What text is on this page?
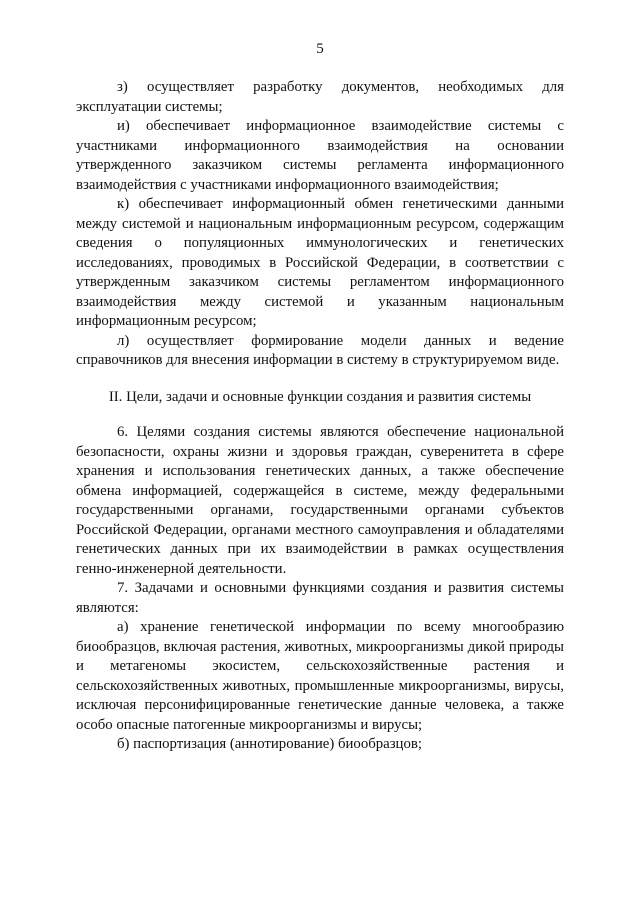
5

з) осуществляет разработку документов, необходимых для эксплуатации системы;

и) обеспечивает информационное взаимодействие системы с участниками информационного взаимодействия на основании утвержденного заказчиком системы регламента информационного взаимодействия с участниками информационного взаимодействия;

к) обеспечивает информационный обмен генетическими данными между системой и национальным информационным ресурсом, содержащим сведения о популяционных иммунологических и генетических исследованиях, проводимых в Российской Федерации, в соответствии с утвержденным заказчиком системы регламентом информационного взаимодействия между системой и указанным национальным информационным ресурсом;

л) осуществляет формирование модели данных и ведение справочников для внесения информации в систему в структурируемом виде.

II. Цели, задачи и основные функции создания и развития системы

6. Целями создания системы являются обеспечение национальной безопасности, охраны жизни и здоровья граждан, суверенитета в сфере хранения и использования генетических данных, а также обеспечение обмена информацией, содержащейся в системе, между федеральными государственными органами, государственными органами субъектов Российской Федерации, органами местного самоуправления и обладателями генетических данных при их взаимодействии в рамках осуществления генно-инженерной деятельности.

7. Задачами и основными функциями создания и развития системы являются:

а) хранение генетической информации по всему многообразию биообразцов, включая растения, животных, микроорганизмы дикой природы и метагеномы экосистем, сельскохозяйственные растения и сельскохозяйственных животных, промышленные микроорганизмы, вирусы, исключая персонифицированные генетические данные человека, а также особо опасные патогенные микроорганизмы и вирусы;

б) паспортизация (аннотирование) биообразцов;
